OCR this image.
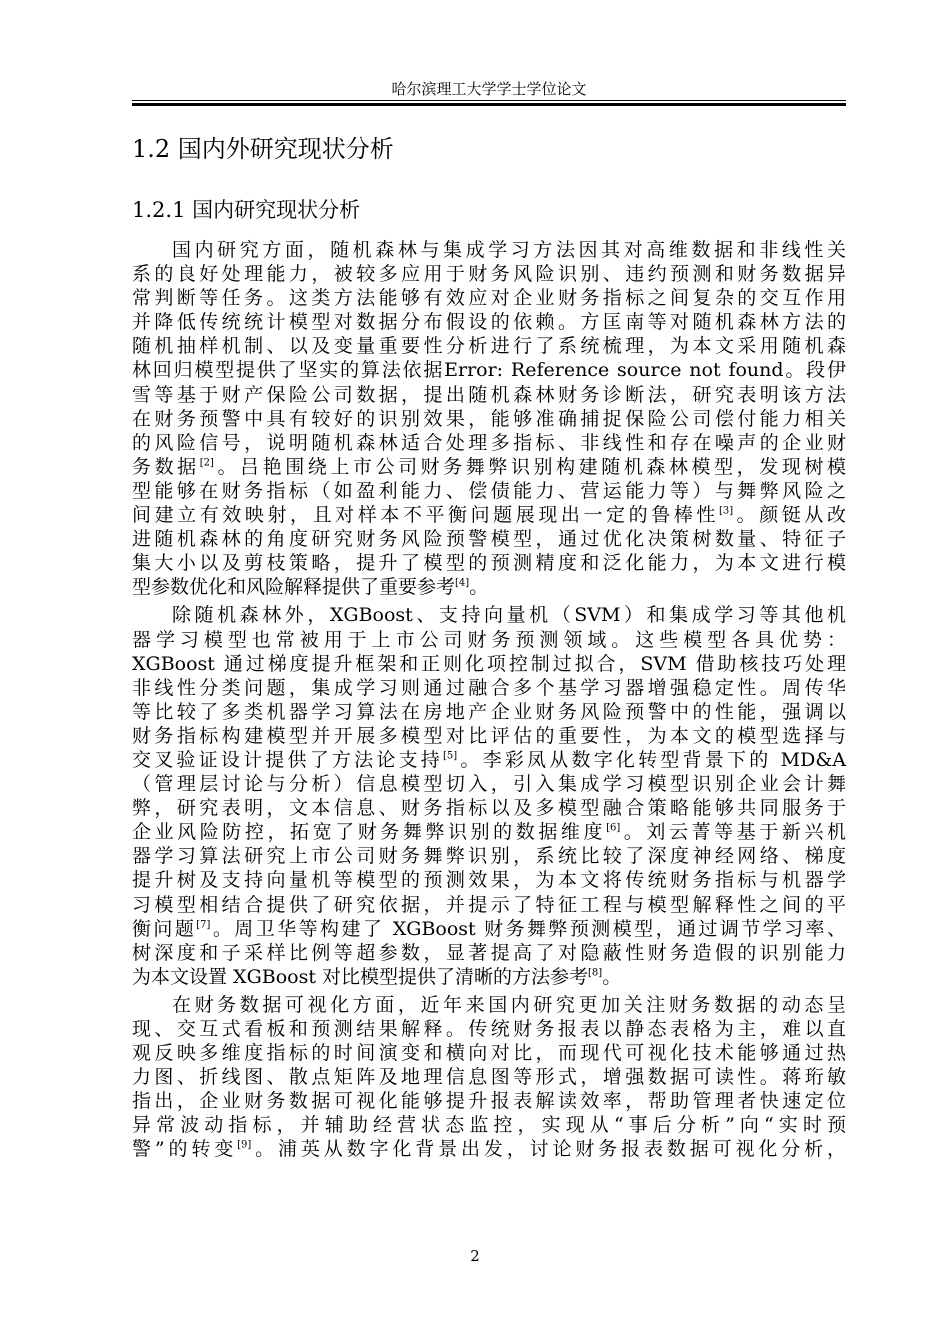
哈尔滨理工大学学士学位论文
1.2 国内外研究现状分析
1.2.1 国内研究现状分析
国内研究方面，随机森林与集成学习方法因其对高维数据和非线性关
系的良好处理能力，被较多应用于财务风险识别、违约预测和财务数据异
常判断等任务。这类方法能够有效应对企业财务指标之间复杂的交互作用
并降低传统统计模型对数据分布假设的依赖。方匡南等对随机森林方法的
随机抽样机制、以及变量重要性分析进行了系统梳理，为本文采用随机森
林回归模型提供了坚实的算法依据Error: Reference source not found。段伊
雪等基于财产保险公司数据，提出随机森林财务诊断法，研究表明该方法
在财务预警中具有较好的识别效果，能够准确捕捉保险公司偿付能力相关
的风险信号，说明随机森林适合处理多指标、非线性和存在噪声的企业财
务数据[2]。吕艳围绕上市公司财务舞弊识别构建随机森林模型，发现树模
型能够在财务指标（如盈利能力、偿债能力、营运能力等）与舞弊风险之
间建立有效映射，且对样本不平衡问题展现出一定的鲁棒性[3]。颜铤从改
进随机森林的角度研究财务风险预警模型，通过优化决策树数量、特征子
集大小以及剪枝策略，提升了模型的预测精度和泛化能力，为本文进行模
型参数优化和风险解释提供了重要参考[4]。
除随机森林外，XGBoost、支持向量机（SVM）和集成学习等其他机
器学习模型也常被用于上市公司财务预测领域。这些模型各具优势：
XGBoost 通过梯度提升框架和正则化项控制过拟合，SVM 借助核技巧处理
非线性分类问题，集成学习则通过融合多个基学习器增强稳定性。周传华
等比较了多类机器学习算法在房地产企业财务风险预警中的性能，强调以
财务指标构建模型并开展多模型对比评估的重要性，为本文的模型选择与
交叉验证设计提供了方法论支持[5]。李彩凤从数字化转型背景下的 MD&A
（管理层讨论与分析）信息模型切入，引入集成学习模型识别企业会计舞
弊，研究表明，文本信息、财务指标以及多模型融合策略能够共同服务于
企业风险防控，拓宽了财务舞弊识别的数据维度[6]。刘云菁等基于新兴机
器学习算法研究上市公司财务舞弊识别，系统比较了深度神经网络、梯度
提升树及支持向量机等模型的预测效果，为本文将传统财务指标与机器学
习模型相结合提供了研究依据，并提示了特征工程与模型解释性之间的平
衡问题[7]。周卫华等构建了 XGBoost 财务舞弊预测模型，通过调节学习率、
树深度和子采样比例等超参数，显著提高了对隐蔽性财务造假的识别能力
为本文设置 XGBoost 对比模型提供了清晰的方法参考[8]。
在财务数据可视化方面，近年来国内研究更加关注财务数据的动态呈
现、交互式看板和预测结果解释。传统财务报表以静态表格为主，难以直
观反映多维度指标的时间演变和横向对比，而现代可视化技术能够通过热
力图、折线图、散点矩阵及地理信息图等形式，增强数据可读性。蒋珩敏
指出，企业财务数据可视化能够提升报表解读效率，帮助管理者快速定位
异常波动指标，并辅助经营状态监控，实现从“事后分析”向“实时预
警”的转变[9]。浦英从数字化背景出发，讨论财务报表数据可视化分析，
2
